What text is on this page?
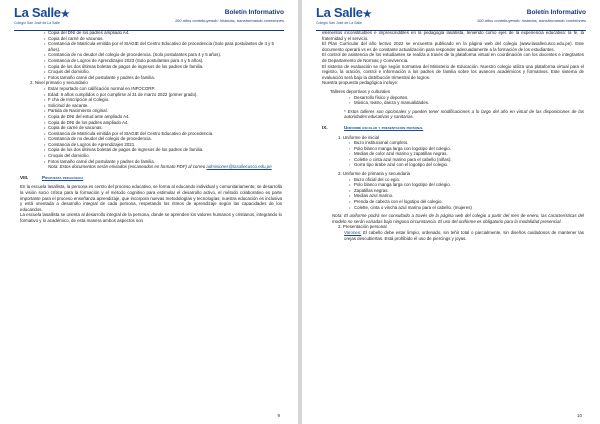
La Salle★
Colegio San José de La Salle
Boletín Informativo
100 años contribuyendo: historias, transformando conexiones

• Copia del DNI de los padres ampliado A4.

• Copia del carné de vacunas.

• Constancia de Matrícula emitida por el SIAGIE del Centro Educativo de procedencia (Solo para postulantes de 4 y 5 años).

• Constancia de no deudor del colegio de procedencia. (Solo postulantes para 4 y 5 años).

• Constancia de Logros de Aprendizajes 2023 (Solo postulantes para 4 y 5 años).

• Copia de los dos últimas boletas de pagos de ingresos de los padres de familia.

• Croquis del domicilio.

• Fotos tamaño carné del postulante y padres de familia.

2. Nivel primario y secundario

• Estar reportado con calificación normal en INFOCORP.

• Edad: 6 años cumplidos o por cumplirse al 31 de marzo 2022 (primer grado).

• F cha de Inscripción al Colegio.

• Solicitud de vacante.

• Partida de Nacimiento original.

• Copia de DNI del estud ante ampliado A4.

• Copia de DNI de los padres ampliado A4.

• Copia de carné de vacunas.

• Constancia de Matrícula emitida por el SIAGIE del Centro Educativo de procedencia.

• Constancia de no deudor del colegio de procedencia.

• Constancia de Logros de Aprendizajes 2021.

• Copia de los dos últimas boletas de pagos de ingresos de los padres de familia.

• Croquis del domicilio.

• Fotos tamaño carné del postulante y padres de familia.

Nota: Estos documentos serán enviados (escaneados en formato PDF) al correo admisiones@lasallecusco.edu.pe

VIII.	Propuesta pedagógica

En la escuela lasallista, la persona es centro del proceso educativo, se forma al educando individual y comunitariamente; se desarrolla la visión socio crítica para la formación y el método cognitivo para estimular el desarrollo activo, el método colaborativo es parte importante para el proceso enseñanza aprendizaje, que incorpora nuevas metodologías y tecnologías; nuestra educación es inclusiva y está orientada a desarrollo integral de cada persona, respetando los ritmos de aprendizaje según las capacidades de los educandos.

La escuela lasallista se orienta al desarrollo integral de la persona, donde se aprenden los valores humanos y cristianos, integrando lo formativo y lo académico, de esta manera ambos aspectos son

9
La Salle★
Colegio San José de La Salle
Boletín Informativo
100 años contribuyendo: historias, transformando conexiones

elementos inconstituibles e imprescindibles en la pedagogía lasallista, teniendo como ejes de la experiencia educativa: la fe, la fraternidad y el servicio.

El Plan Curricular del año lectivo 2022 se encuentra publicado en la página web del colegio (www.lasallecusco.edu.pe). Este documento operará vs es de constante actualización para responder adecuadamente a la formación de los estudiantes.

El control de asistencia de los estudiantes se realiza a través de la plataforma virtual en coordinación con los docentes e integrantes de Departamento de Normas y Convivencia.

El sistema de evaluación se rige según normativa del Ministerio de Educación. Nuestro colegio utiliza una plataforma virtual para el registro, la oración, control e información a los padres de familia sobre los avances académicos y formativos. Este sistema de evaluación será bajo la distribución trimestral de logros.

Nuestra propuesta pedagógica incluye:

Talleres deportivos y culturales

› Desarrollo físico y deportes.

› Música, teatro, danza y manualidades.

* Estos talleres son opcionales y pueden tener modificaciones a lo largo del año en virtud de las disposiciones de las autoridades educativas y sanitarias.

IX.	Uniforme escolar y presentación personal

1. Uniforme de inicial

› Buzo institucional completo.

› Polo blanco manga larga con logotipo del colegio.

› Medias de color azul marino y zapatillas negras.

› Colette o cinta azul marino para el cabello (niñas).

› Gorra tipo árabe azul con el logotipo del colegio.

2. Uniforme de primaria y secundaria

• Buzo oficial del co egio.

• Polo blanco manga larga con logotipo del colegio.

• Zapatillas negras.

• Medias azul marino.

• Prenda de cabeza con el logotipo del colegio.

• Colette, cinta o vincha azul marino para el cabello. (mujeres)

Nota: El uniforme podrá ser consultado a través de la página web del colegio a partir del mes de enero, las características del modelo no serán variadas bajo ninguna circunstancia. El uso del uniforme es obligatorio para la modalidad presencial.

3. Presentación personal

Varones: El cabello debe estar limpio, ordenado, sin teñir total o parcialmente, sin diseños cuidadosos de mantener las orejas descubiertas. Está prohibido el uso de piercings y joyas.

10
